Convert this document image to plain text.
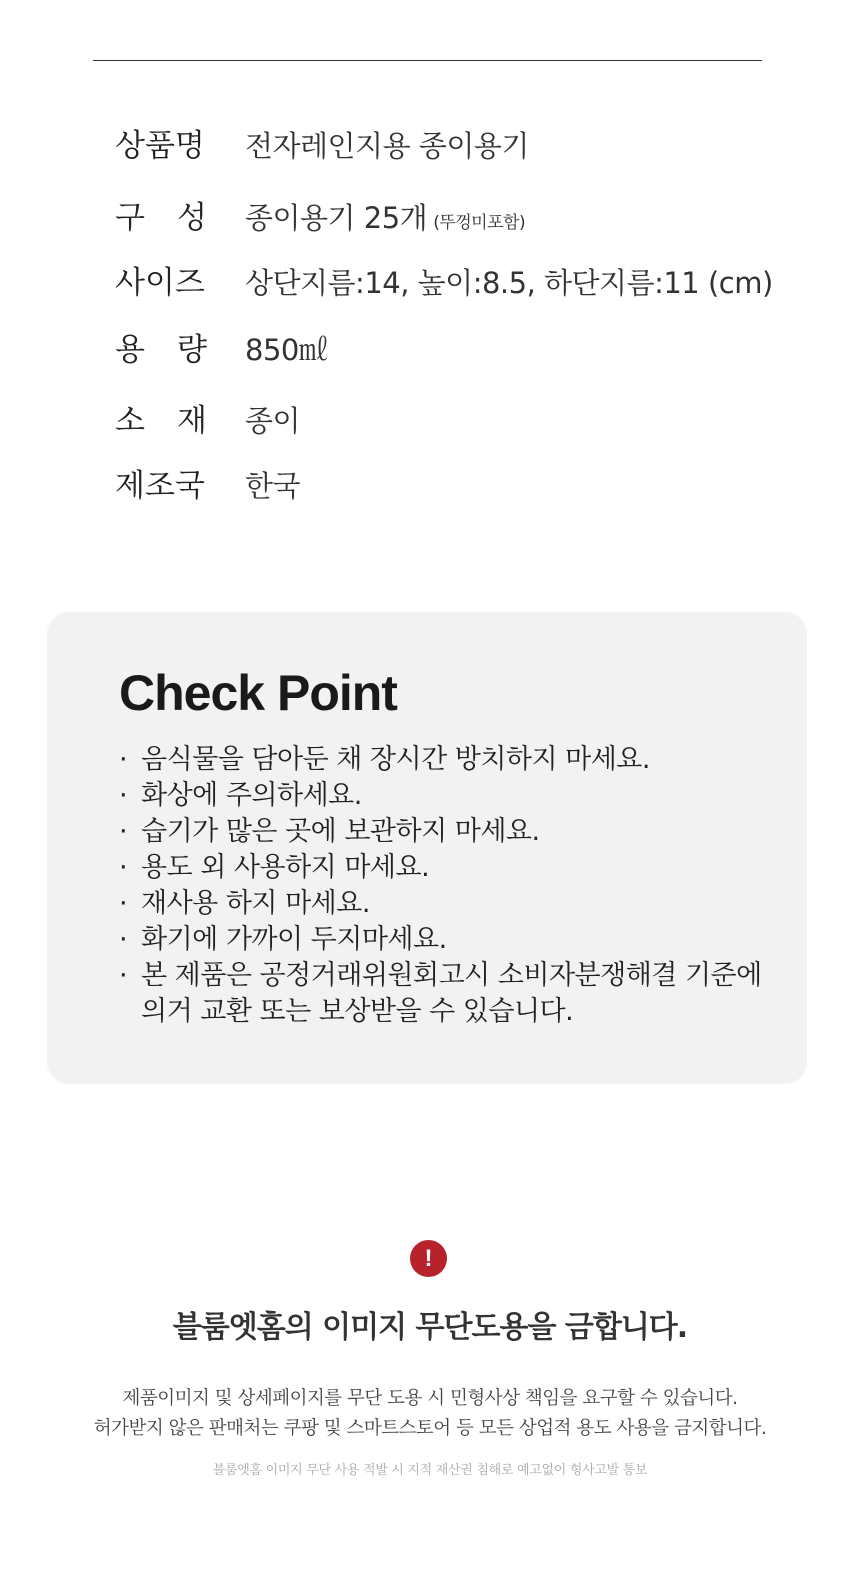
상품명 전자레인지용 종이용기
구 성 종이용기 25개 (뚜껑미포함)
사이즈 상단지름:14, 높이:8.5, 하단지름:11 (cm)
용 량 850㎖
소 재 종이
제조국 한국
Check Point
· 음식물을 담아둔 채 장시간 방치하지 마세요.
· 화상에 주의하세요.
· 습기가 많은 곳에 보관하지 마세요.
· 용도 외 사용하지 마세요.
· 재사용 하지 마세요.
· 화기에 가까이 두지마세요.
· 본 제품은 공정거래위원회고시 소비자분쟁해결 기준에 의거 교환 또는 보상받을 수 있습니다.
!
블룸엣홈의 이미지 무단도용을 금합니다.
제품이미지 및 상세페이지를 무단 도용 시 민형사상 책임을 요구할 수 있습니다.
허가받지 않은 판매처는 쿠팡 및 스마트스토어 등 모든 상업적 용도 사용을 금지합니다.
블룸엣홈 이미지 무단 사용 적발 시 지적 재산권 침해로 예고없이 형사고발 통보
